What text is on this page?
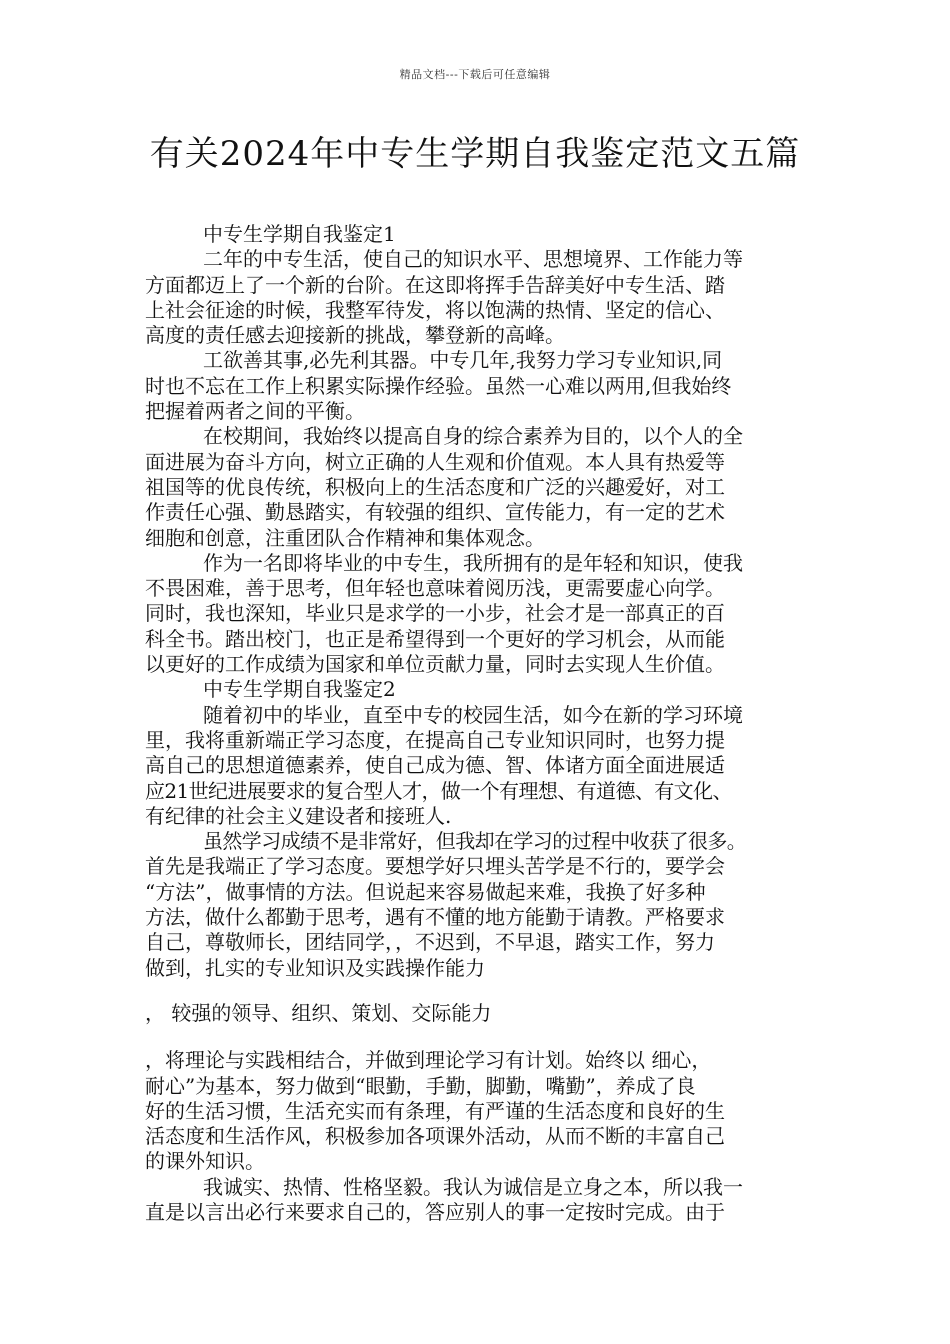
精品文档---下载后可任意编辑
有关2024年中专生学期自我鉴定范文五篇
中专生学期自我鉴定1
二年的中专生活，使自己的知识水平、思想境界、工作能力等
方面都迈上了一个新的台阶。在这即将挥手告辞美好中专生活、踏
上社会征途的时候，我整军待发，将以饱满的热情、坚定的信心、
高度的责任感去迎接新的挑战，攀登新的高峰。
工欲善其事,必先利其器。中专几年,我努力学习专业知识,同
时也不忘在工作上积累实际操作经验。虽然一心难以两用,但我始终
把握着两者之间的平衡。
在校期间，我始终以提高自身的综合素养为目的，以个人的全
面进展为奋斗方向，树立正确的人生观和价值观。本人具有热爱等
祖国等的优良传统，积极向上的生活态度和广泛的兴趣爱好，对工
作责任心强、勤恳踏实，有较强的组织、宣传能力，有一定的艺术
细胞和创意，注重团队合作精神和集体观念。
作为一名即将毕业的中专生，我所拥有的是年轻和知识，使我
不畏困难，善于思考，但年轻也意味着阅历浅，更需要虚心向学。
同时，我也深知，毕业只是求学的一小步，社会才是一部真正的百
科全书。踏出校门，也正是希望得到一个更好的学习机会，从而能
以更好的工作成绩为国家和单位贡献力量，同时去实现人生价值。
中专生学期自我鉴定2
随着初中的毕业，直至中专的校园生活，如今在新的学习环境
里，我将重新端正学习态度，在提高自己专业知识同时，也努力提
高自己的思想道德素养，使自己成为德、智、体诸方面全面进展适
应21世纪进展要求的复合型人才，做一个有理想、有道德、有文化、
有纪律的社会主义建设者和接班人.
虽然学习成绩不是非常好，但我却在学习的过程中收获了很多。
首先是我端正了学习态度。要想学好只埋头苦学是不行的，要学会
“方法”，做事情的方法。但说起来容易做起来难，我换了好多种
方法，做什么都勤于思考，遇有不懂的地方能勤于请教。严格要求
自己，尊敬师长，团结同学，，不迟到，不早退，踏实工作，努力
做到，扎实的专业知识及实践操作能力
， 较强的领导、组织、策划、交际能力
，将理论与实践相结合，并做到理论学习有计划。始终以 细心，
耐心”为基本，努力做到“眼勤，手勤，脚勤，嘴勤”，养成了良
好的生活习惯，生活充实而有条理，有严谨的生活态度和良好的生
活态度和生活作风，积极参加各项课外活动，从而不断的丰富自己
的课外知识。
我诚实、热情、性格坚毅。我认为诚信是立身之本，所以我一
直是以言出必行来要求自己的，答应别人的事一定按时完成。由于
